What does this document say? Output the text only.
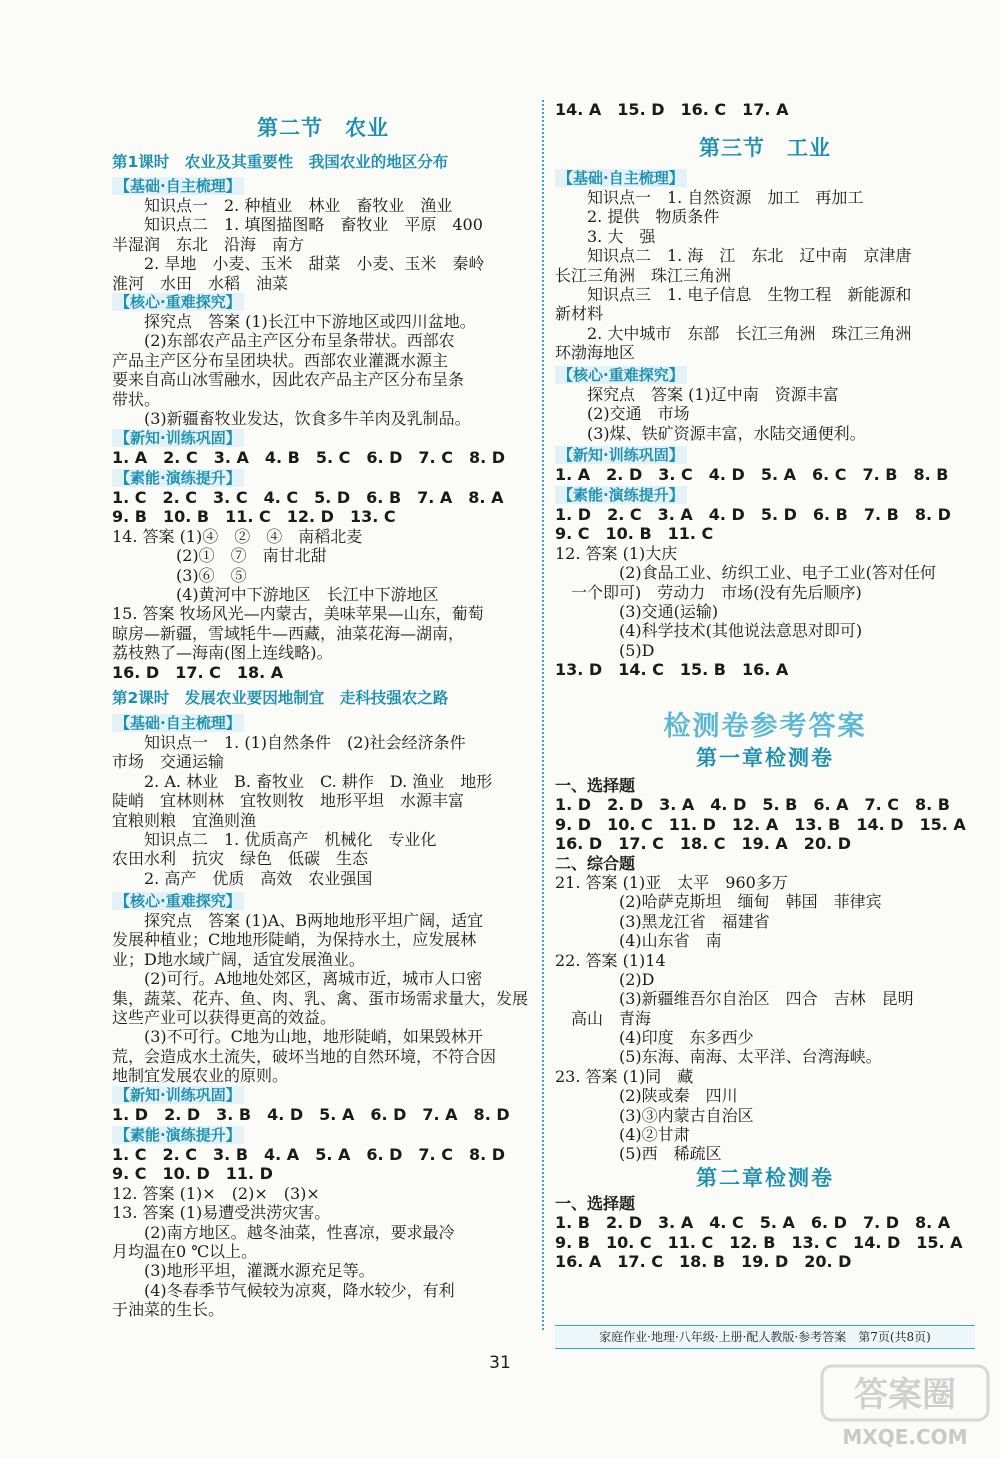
第二节　农业
第1课时　农业及其重要性　我国农业的地区分布
【基础·自主梳理】
　　知识点一　2. 种植业　林业　畜牧业　渔业
　　知识点二　1. 填图描图略　畜牧业　平原　400
半湿润　东北　沿海　南方
　　2. 旱地　小麦、玉米　甜菜　小麦、玉米　秦岭
淮河　水田　水稻　油菜
【核心·重难探究】
　　探究点　答案 (1)长江中下游地区或四川盆地。
　　(2)东部农产品主产区分布呈条带状。西部农
产品主产区分布呈团块状。西部农业灌溉水源主
要来自高山冰雪融水，因此农产品主产区分布呈条
带状。
　　(3)新疆畜牧业发达，饮食多牛羊肉及乳制品。
【新知·训练巩固】
1. A　2. C　3. A　4. B　5. C　6. D　7. C　8. D
【素能·演练提升】
1. C　2. C　3. C　4. C　5. D　6. B　7. A　8. A
9. B　10. B　11. C　12. D　13. C
14. 答案 (1)④　②　④　南稻北麦
　　　　(2)①　⑦　南甘北甜
　　　　(3)⑥　⑤
　　　　(4)黄河中下游地区　长江中下游地区
15. 答案 牧场风光—内蒙古，美味苹果—山东，葡萄
晾房—新疆，雪域牦牛—西藏，油菜花海—湖南，
荔枝熟了—海南(图上连线略)。
16. D　17. C　18. A
第2课时　发展农业要因地制宜　走科技强农之路
【基础·自主梳理】
　　知识点一　1. (1)自然条件　(2)社会经济条件
市场　交通运输
　　2. A. 林业　B. 畜牧业　C. 耕作　D. 渔业　地形
陡峭　宜林则林　宜牧则牧　地形平坦　水源丰富
宜粮则粮　宜渔则渔
　　知识点二　1. 优质高产　机械化　专业化
农田水利　抗灾　绿色　低碳　生态
　　2. 高产　优质　高效　农业强国
【核心·重难探究】
　　探究点　答案 (1)A、B两地地形平坦广阔，适宜
发展种植业；C地地形陡峭，为保持水土，应发展林
业；D地水域广阔，适宜发展渔业。
　　(2)可行。A地地处郊区，离城市近，城市人口密
集，蔬菜、花卉、鱼、肉、乳、禽、蛋市场需求量大，发展
这些产业可以获得更高的效益。
　　(3)不可行。C地为山地，地形陡峭，如果毁林开
荒，会造成水土流失，破坏当地的自然环境，不符合因
地制宜发展农业的原则。
【新知·训练巩固】
1. D　2. D　3. B　4. D　5. A　6. D　7. A　8. D
【素能·演练提升】
1. C　2. C　3. B　4. A　5. A　6. D　7. C　8. D
9. C　10. D　11. D
12. 答案 (1)×　(2)×　(3)×
13. 答案 (1)易遭受洪涝灾害。
　　(2)南方地区。越冬油菜，性喜凉，要求最冷
月均温在0 ℃以上。
　　(3)地形平坦，灌溉水源充足等。
　　(4)冬春季节气候较为凉爽，降水较少，有利
于油菜的生长。
14. A　15. D　16. C　17. A
第三节　工业
【基础·自主梳理】
　　知识点一　1. 自然资源　加工　再加工
　　2. 提供　物质条件
　　3. 大　强
　　知识点二　1. 海　江　东北　辽中南　京津唐
长江三角洲　珠江三角洲
　　知识点三　1. 电子信息　生物工程　新能源和
新材料
　　2. 大中城市　东部　长江三角洲　珠江三角洲
环渤海地区
【核心·重难探究】
　　探究点　答案 (1)辽中南　资源丰富
　　(2)交通　市场
　　(3)煤、铁矿资源丰富，水陆交通便利。
【新知·训练巩固】
1. A　2. D　3. C　4. D　5. A　6. C　7. B　8. B
【素能·演练提升】
1. D　2. C　3. A　4. D　5. D　6. B　7. B　8. D
9. C　10. B　11. C
12. 答案 (1)大庆
　　　　(2)食品工业、纺织工业、电子工业(答对任何
　一个即可)　劳动力　市场(没有先后顺序)
　　　　(3)交通(运输)
　　　　(4)科学技术(其他说法意思对即可)
　　　　(5)D
13. D　14. C　15. B　16. A
检测卷参考答案
第一章检测卷
一、选择题
1. D　2. D　3. A　4. D　5. B　6. A　7. C　8. B
9. D　10. C　11. D　12. A　13. B　14. D　15. A
16. D　17. C　18. C　19. A　20. D
二、综合题
21. 答案 (1)亚　太平　960多万
　　　　(2)哈萨克斯坦　缅甸　韩国　菲律宾
　　　　(3)黑龙江省　福建省
　　　　(4)山东省　南
22. 答案 (1)14
　　　　(2)D
　　　　(3)新疆维吾尔自治区　四合　吉林　昆明
　高山　青海
　　　　(4)印度　东多西少
　　　　(5)东海、南海、太平洋、台湾海峡。
23. 答案 (1)同　藏
　　　　(2)陕或秦　四川
　　　　(3)③内蒙古自治区
　　　　(4)②甘肃
　　　　(5)西　稀疏区
第二章检测卷
一、选择题
1. B　2. D　3. A　4. C　5. A　6. D　7. D　8. A
9. B　10. C　11. C　12. B　13. C　14. D　15. A
16. A　17. C　18. B　19. D　20. D
家庭作业·地理·八年级·上册·配人教版·参考答案　第7页(共8页)
31
答案圈
MXQE.COM
